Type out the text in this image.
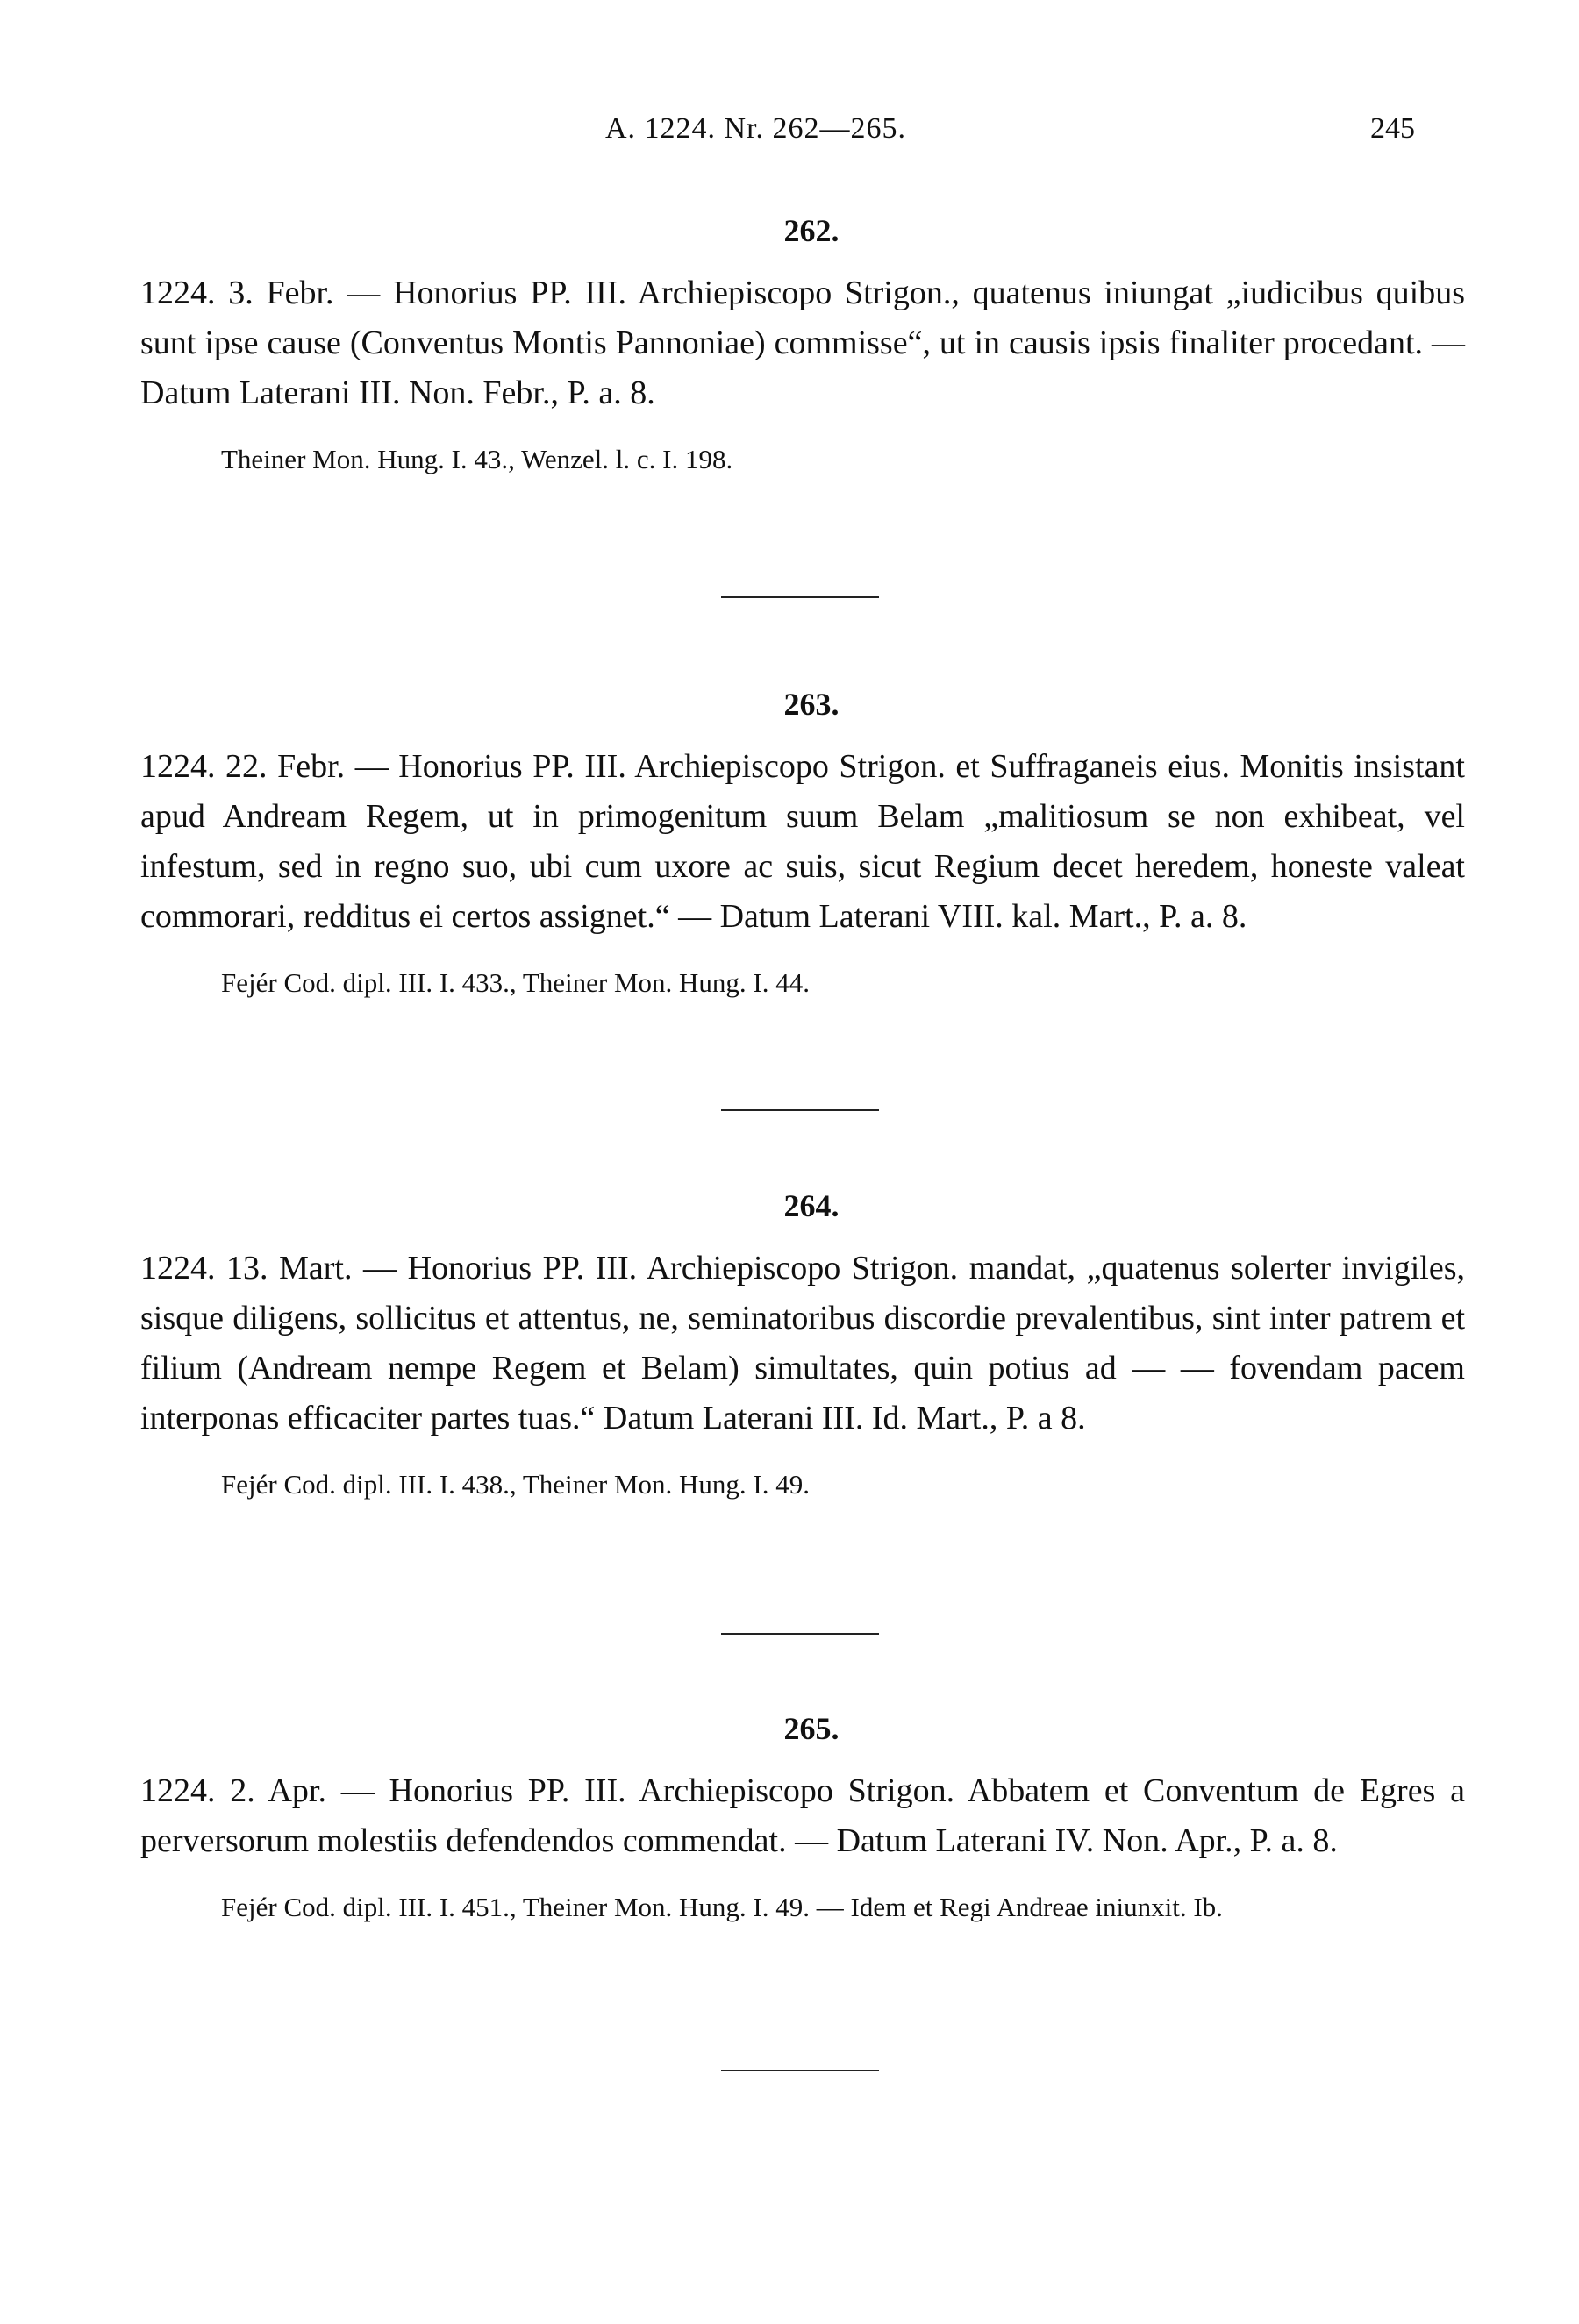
A. 1224. Nr. 262—265.	245
262.

1224. 3. Febr. — Honorius PP. III. Archiepiscopo Strigon., quatenus iniungat „iudicibus quibus sunt ipse cause (Conventus Montis Pannoniae) commisse“, ut in causis ipsis finaliter procedant. — Datum Laterani III. Non. Febr., P. a. 8.

Theiner Mon. Hung. I. 43., Wenzel. l. c. I. 198.

263.

1224. 22. Febr. — Honorius PP. III. Archiepiscopo Strigon. et Suffraganeis eius. Monitis insistant apud Andream Regem, ut in primogenitum suum Belam „malitiosum se non exhibeat, vel infestum, sed in regno suo, ubi cum uxore ac suis, sicut Regium decet heredem, honeste valeat commorari, redditus ei certos assignet.“ — Datum Laterani VIII. kal. Mart., P. a. 8.

Fejér Cod. dipl. III. I. 433., Theiner Mon. Hung. I. 44.

264.

1224. 13. Mart. — Honorius PP. III. Archiepiscopo Strigon. mandat, „quatenus solerter invigiles, sisque diligens, sollicitus et attentus, ne, seminatoribus discordie prevalentibus, sint inter patrem et filium (Andream nempe Regem et Belam) simultates, quin potius ad — — fovendam pacem interponas efficaciter partes tuas.“ Datum Laterani III. Id. Mart., P. a 8.

Fejér Cod. dipl. III. I. 438., Theiner Mon. Hung. I. 49.

265.

1224. 2. Apr. — Honorius PP. III. Archiepiscopo Strigon. Abbatem et Conventum de Egres a perversorum molestiis defendendos commendat. — Datum Laterani IV. Non. Apr., P. a. 8.

Fejér Cod. dipl. III. I. 451., Theiner Mon. Hung. I. 49. — Idem et Regi Andreae iniunxit. Ib.
